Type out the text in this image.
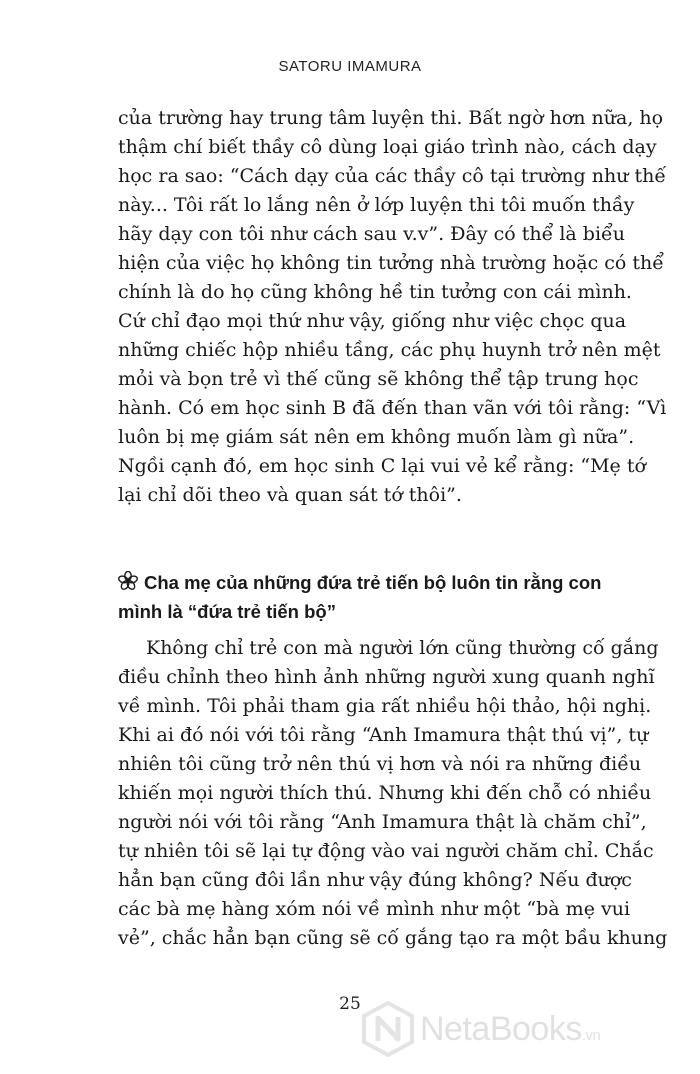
SATORU IMAMURA
của trường hay trung tâm luyện thi. Bất ngờ hơn nữa, họ
thậm chí biết thầy cô dùng loại giáo trình nào, cách dạy
học ra sao: “Cách dạy của các thầy cô tại trường như thế
này... Tôi rất lo lắng nên ở lớp luyện thi tôi muốn thầy
hãy dạy con tôi như cách sau v.v”. Đây có thể là biểu
hiện của việc họ không tin tưởng nhà trường hoặc có thể
chính là do họ cũng không hề tin tưởng con cái mình.
Cứ chỉ đạo mọi thứ như vậy, giống như việc chọc qua
những chiếc hộp nhiều tầng, các phụ huynh trở nên mệt
mỏi và bọn trẻ vì thế cũng sẽ không thể tập trung học
hành. Có em học sinh B đã đến than vãn với tôi rằng: “Vì
luôn bị mẹ giám sát nên em không muốn làm gì nữa”.
Ngồi cạnh đó, em học sinh C lại vui vẻ kể rằng: “Mẹ tớ
lại chỉ dõi theo và quan sát tớ thôi”.
Cha mẹ của những đứa trẻ tiến bộ luôn tin rằng con
mình là “đứa trẻ tiến bộ”
Không chỉ trẻ con mà người lớn cũng thường cố gắng
điều chỉnh theo hình ảnh những người xung quanh nghĩ
về mình. Tôi phải tham gia rất nhiều hội thảo, hội nghị.
Khi ai đó nói với tôi rằng “Anh Imamura thật thú vị”, tự
nhiên tôi cũng trở nên thú vị hơn và nói ra những điều
khiến mọi người thích thú. Nhưng khi đến chỗ có nhiều
người nói với tôi rằng “Anh Imamura thật là chăm chỉ”,
tự nhiên tôi sẽ lại tự động vào vai người chăm chỉ. Chắc
hẳn bạn cũng đôi lần như vậy đúng không? Nếu được
các bà mẹ hàng xóm nói về mình như một “bà mẹ vui
vẻ”, chắc hẳn bạn cũng sẽ cố gắng tạo ra một bầu khung
25
NetaBooks.vn
